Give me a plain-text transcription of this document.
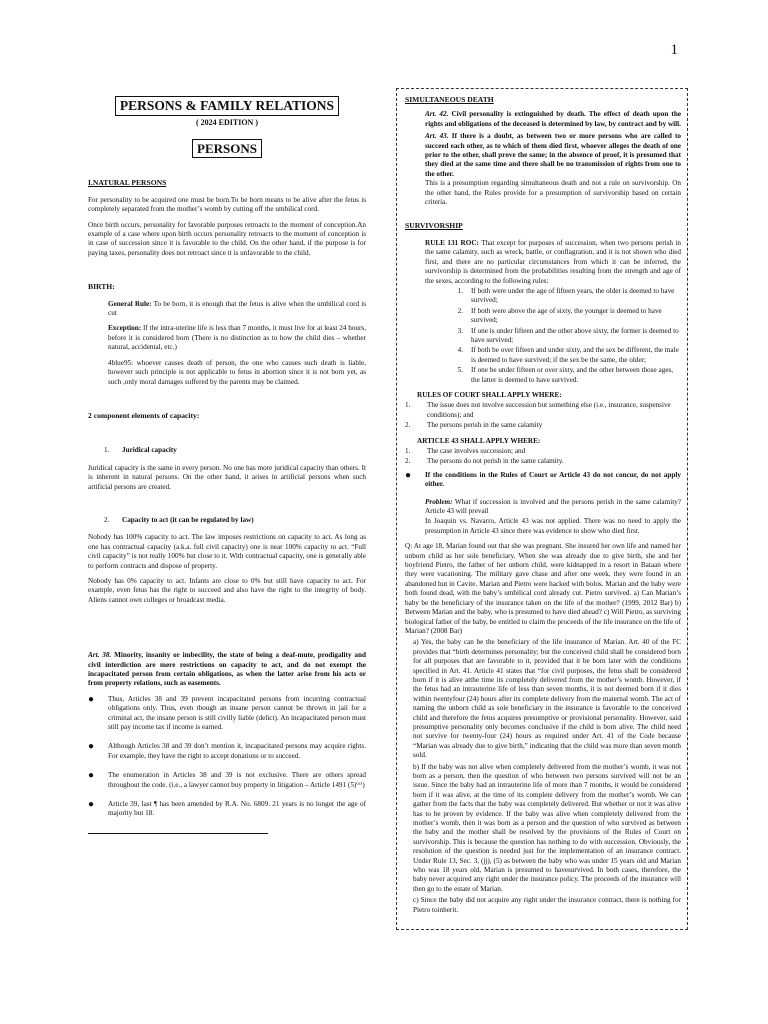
1
PERSONS & FAMILY RELATIONS
( 2024 EDITION )
PERSONS
I.NATURAL PERSONS

For personality to be acquired one must be born.To be born means to be alive after the fetus is completely separated from the mother’s womb by cutting off the umbilical cord.

Once birth occurs, personality for favorable purposes retroacts to the moment of conception.An example of a case where upon birth occurs personality retroacts to the moment of conception is in case of succession since it is favorable to the child. On the other hand, if the purpose is for paying taxes, personality does not retroact since it is unfavorable to the child.

BIRTH:

General Rule: To be born, it is enough that the fetus is alive when the umbilical cord is cut

Exception: If the intra-uterine life is less than 7 months, it must live for at least 24 hours, before it is considered born (There is no distinction as to how the child dies – whether natural, accidental, etc.)

4blue95: whoever causes death of person, the one who causes such death is liable, however such principle is not applicable to fetus in abortion since it is not born yet, as such ,only moral damages suffered by the parents may be claimed.

2 component elements of capacity:
1. Juridical capacity

Juridical capacity is the same in every person. No one has more juridical capacity than others. It is inherent in natural persons. On the other hand, it arises in artificial persons when such artificial persons are created.

2. Capacity to act (it can be regulated by law)

Nobody has 100% capacity to act. The law imposes restrictions on capacity to act. As long as one has contractual capacity (a.k.a. full civil capacity) one is near 100% capacity to act. “Full civil capacity” is not really 100% but close to it. With contractual capacity, one is generally able to perform contracts and dispose of property.

Nobody has 0% capacity to act. Infants are close to 0% but still have capacity to act. For example, even fetus has the right to succeed and also have the right to the integrity of body. Aliens cannot own colleges or broadcast media.

Art. 38. Minority, insanity or imbecility, the state of being a deaf-mute, prodigality and civil interdiction are mere restrictions on capacity to act, and do not exempt the incapacitated person from certain obligations, as when the latter arise from his acts or from property relations, such as easements.

●	Thus, Articles 38 and 39 prevent incapacitated persons from incurring contractual obligations only. Thus, even though an insane person cannot be thrown in jail for a criminal act, the insane person is still civilly liable (delict). An incapacitated person must still pay income tax if income is earned.
●	Although Articles 38 and 39 don’t mention it, incapacitated persons may acquire rights. For example, they have the right to accept donations or to succeed.
●	The enumeration in Articles 38 and 39 is not exclusive. There are others spread throughout the code. (i.e., a lawyer cannot buy property in litigation – Article 1491 (5)⁽⁶⁾)
●	Article 39, last ¶ has been amended by R.A. No. 6809. 21 years is no longer the age of majority but 18.
SIMULTANEOUS DEATH

Art. 42. Civil personality is extinguished by death. The effect of death upon the rights and obligations of the deceased is determined by law, by contract and by will.

Art. 43. If there is a doubt, as between two or more persons who are called to succeed each other, as to which of them died first, whoever alleges the death of one prior to the other, shall prove the same; in the absence of proof, it is presumed that they died at the same time and there shall be no transmission of rights from one to the other.

This is a presumption regarding simultaneous death and not a rule on survivorship. On the other hand, the Rules provide for a presumption of survivorship based on certain criteria.

SURVIVORSHIP

RULE 131 ROC: That except for purposes of succession, when two persons perish in the same calamity, such as wreck, battle, or conflagration, and it is not shown who died first, and there are no particular circumstances from which it can be inferred, the survivorship is determined from the probabilities resulting from the strength and age of the sexes, according to the following rules:

1.	If both were under the age of fifteen years, the older is deemed to have survived;
2.	If both were above the age of sixty, the younger is deemed to have survived;
3.	If one is under fifteen and the other above sixty, the former is deemed to have survived;
4.	If both be over fifteen and under sixty, and the sex be different, the male is deemed to have survived; if the sex be the same, the older;
5.	If one be under fifteen or over sixty, and the other between those ages, the latter is deemed to have survived.
RULES OF COURT SHALL APPLY WHERE:
1.	The issue does not involve succession but something else (i.e., insurance, suspensive conditions); and
2.	The persons perish in the same calamity
ARTICLE 43 SHALL APPLY WHERE:
1.	The case involves succession; and
2.	The persons do not perish in the same calamity.
●	If the conditions in the Rules of Court or Article 43 do not concur, do not apply either.

Problem: What if succession is involved and the persons perish in the same calamity? Article 43 will prevail

In Joaquin vs. Navarro, Article 43 was not applied. There was no need to apply the presumption in Article 43 since there was evidence to show who died first.

Q: At age 18, Marian found out that she was pregnant. She insured her own life and named her unborn child as her sole beneficiary. When she was already due to give birth, she and her boyfriend Pietro, the father of her unborn child, were kidnapped in a resort in Bataan where they were vacationing. The military gave chase and after one week, they were found in an abandoned hut in Cavite. Marian and Pietro were hacked with bolos. Marian and the baby were both found dead, with the baby’s umbilical cord already cut. Pietro survived. a) Can Marian’s baby be the beneficiary of the insurance taken on the life of the mother? (1999, 2012 Bar) b) Between Marian and the baby, who is presumed to have died ahead? c) Will Pietro, as surviving biological father of the baby, be entitled to claim the proceeds of the life insurance on the life of Marian? (2008 Bar)

a) Yes, the baby can be the beneficiary of the life insurance of Marian. Art. 40 of the FC provides that “birth determines personality; but the conceived child shall be considered born for all purposes that are favorable to it, provided that it be born later with the conditions specified in Art. 41. Article 41 states that “for civil purposes, the fetus shall be considered born if it is alive atthe time its completely delivered from the mother’s womb. However, if the fetus had an intrauterine life of less than seven months, it is not deemed born if it dies within twentyfour (24) hours after its complete delivery from the maternal womb. The act of naming the unborn child as sole beneficiary in the insurance is favorable to the conceived child and therefore the fetus acquires presumptive or provisional personality. However, said presumptive personality only becomes conclusive if the child is born alive. The child need not survive for twenty-four (24) hours as required under Art. 41 of the Code because “Marian was already due to give birth,” indicating that the child was more than seven month sold.

b) If the baby was not alive when completely delivered from the mother’s womb, it was not born as a person, then the question of who between two persons survived will not be an issue. Since the baby had an intrauterine life of more than 7 months, it would be considered born if it was alive, at the time of its complete delivery from the mother’s womb. We can gather from the facts that the baby was completely delivered. But whether or not it was alive has to be proven by evidence. If the baby was alive when completely delivered from the mother’s womb, then it was born as a person and the question of who survived as between the baby and the mother shall be resolved by the provisions of the Rules of Court on survivorship. This is because the question has nothing to do with succession. Obviously, the resolution of the question is needed just for the implementation of an insurance contract. Under Rule 13, Sec. 3, (jj), (5) as between the baby who was under 15 years old and Marian who was 18 years old, Marian is presumed to havesurvived. In both cases, therefore, the baby never acquired any right under the insurance policy. The proceeds of the insurance will then go to the estate of Marian.

c) Since the baby did not acquire any right under the insurance contract, there is nothing for Pietro toinherit.
